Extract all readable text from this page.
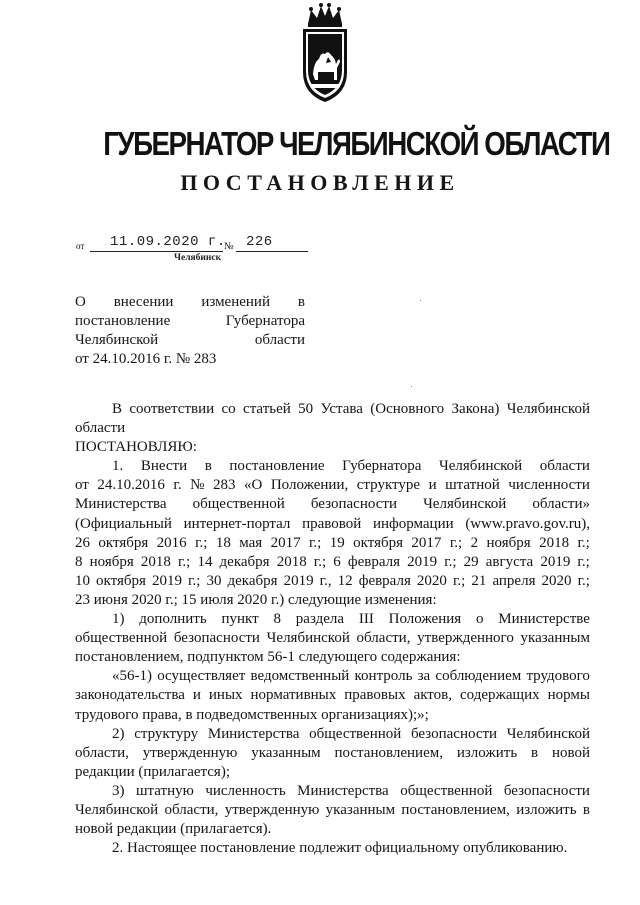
ГУБЕРНАТОР ЧЕЛЯБИНСКОЙ ОБЛАСТИ
ПОСТАНОВЛЕНИЕ
от 11.09.2020 г.
№ 226
Челябинск
О внесении изменений в
постановление	Губернатора
Челябинской	области
от 24.10.2016 г. № 283
В соответствии со статьей 50 Устава (Основного Закона) Челябинской
области
ПОСТАНОВЛЯЮ:
1. Внести в постановление Губернатора Челябинской области
от 24.10.2016 г. № 283 «О Положении, структуре и штатной численности
Министерства общественной безопасности Челябинской области»
(Официальный интернет-портал правовой информации (www.pravo.gov.ru),
26 октября 2016 г.; 18 мая 2017 г.; 19 октября 2017 г.; 2 ноября 2018 г.;
8 ноября 2018 г.; 14 декабря 2018 г.; 6 февраля 2019 г.; 29 августа 2019 г.;
10 октября 2019 г.; 30 декабря 2019 г., 12 февраля 2020 г.; 21 апреля 2020 г.;
23 июня 2020 г.; 15 июля 2020 г.) следующие изменения:
1) дополнить пункт 8 раздела III Положения о Министерстве
общественной безопасности Челябинской области, утвержденного указанным
постановлением, подпунктом 56-1 следующего содержания:
«56-1) осуществляет ведомственный контроль за соблюдением трудового
законодательства и иных нормативных правовых актов, содержащих нормы
трудового права, в подведомственных организациях);»;
2) структуру Министерства общественной безопасности Челябинской
области, утвержденную указанным постановлением, изложить в новой
редакции (прилагается);
3) штатную численность Министерства общественной безопасности
Челябинской области, утвержденную указанным постановлением, изложить в
новой редакции (прилагается).
2. Настоящее постановление подлежит официальному опубликованию.
